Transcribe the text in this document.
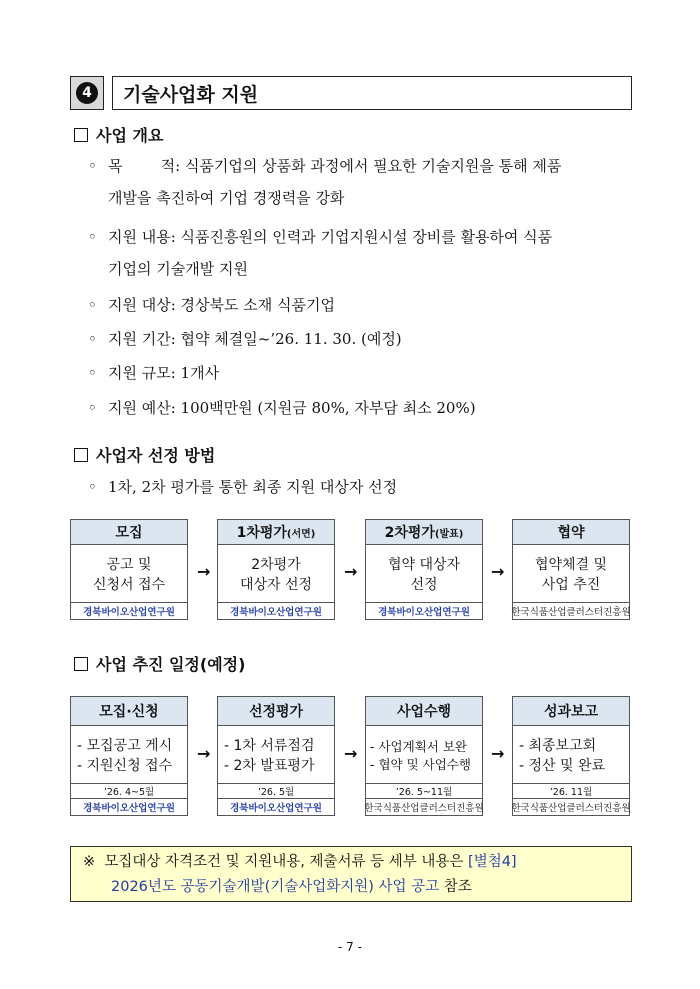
4	기술사업화 지원
사업 개요
◦ 목        적: 식품기업의 상품화 과정에서 필요한 기술지원을 통해 제품
개발을 촉진하여 기업 경쟁력을 강화
◦ 지원 내용: 식품진흥원의 인력과 기업지원시설 장비를 활용하여 식품
기업의 기술개발 지원
◦ 지원 대상: 경상북도 소재 식품기업
◦ 지원 기간: 협약 체결일~’26. 11. 30. (예정)
◦ 지원 규모: 1개사
◦ 지원 예산: 100백만원 (지원금 80%, 자부담 최소 20%)
사업자 선정 방법
◦ 1차, 2차 평가를 통한 최종 지원 대상자 선정
모집
공고 및
신청서 접수
경북바이오산업연구원
→
1차평가 (서면)
2차평가
대상자 선정
경북바이오산업연구원
→
2차평가 (발표)
협약 대상자
선정
경북바이오산업연구원
→
협약
협약체결 및
사업 추진
한국식품산업클러스터진흥원
사업 추진 일정(예정)
모집·신청
- 모집공고 게시
- 지원신청 접수
’26. 4~5월
경북바이오산업연구원
→
선정평가
- 1차 서류점검
- 2차 발표평가
’26. 5월
경북바이오산업연구원
→
사업수행
- 사업계획서 보완
- 협약 및 사업수행
’26. 5~11월
한국식품산업클러스터진흥원
→
성과보고
- 최종보고회
- 정산 및 완료
’26. 11월
한국식품산업클러스터진흥원
※ 모집대상 자격조건 및 지원내용, 제출서류 등 세부 내용은 [별첨4]
2026년도 공동기술개발(기술사업화지원) 사업 공고 참조
- 7 -
